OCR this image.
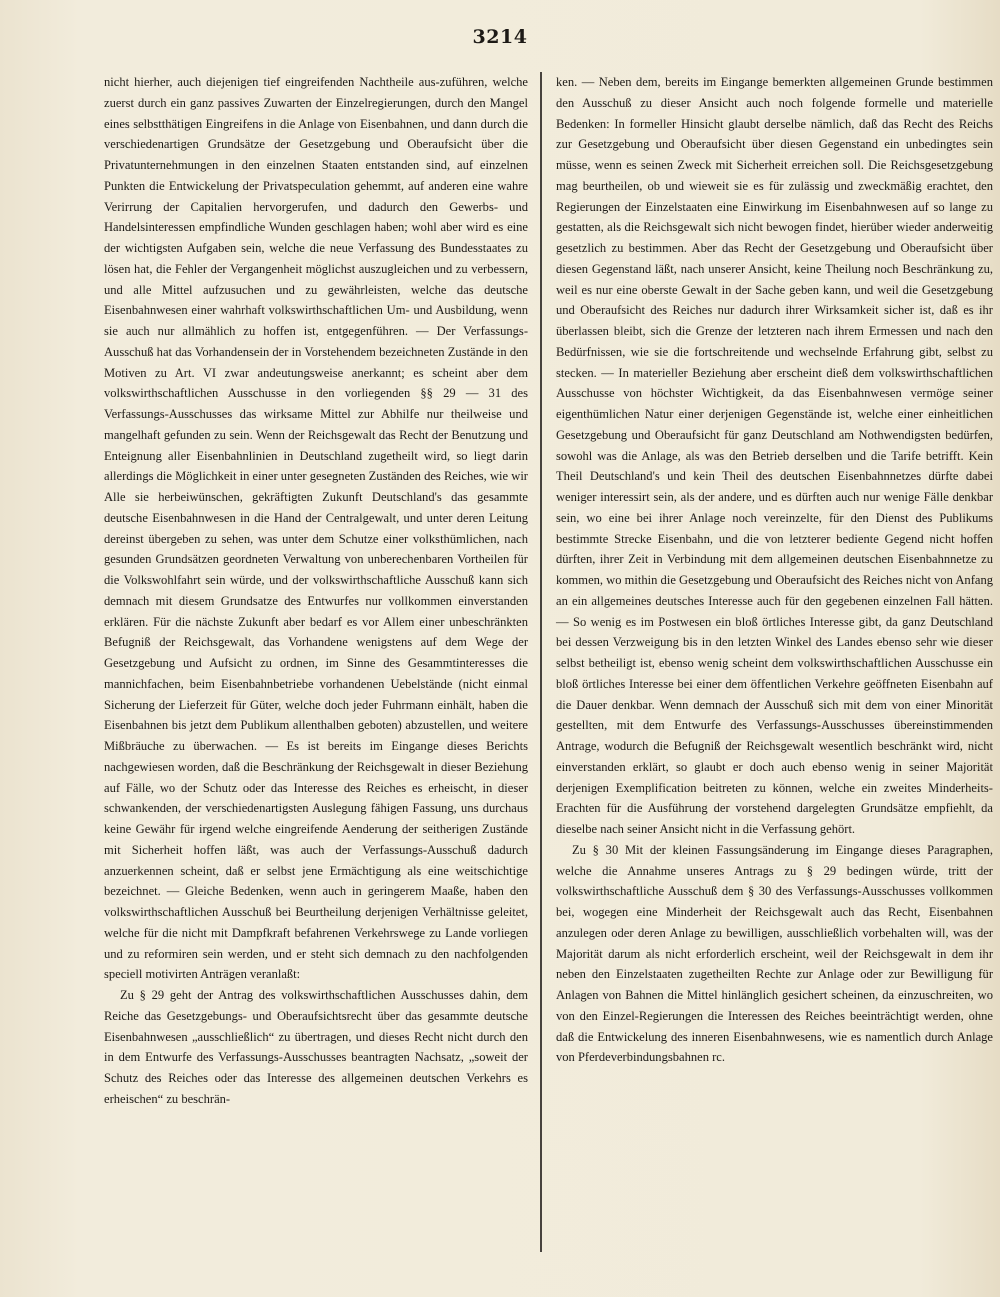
3214

nicht hierher, auch diejenigen tief eingreifenden Nachtheile aus-zuführen, welche zuerst durch ein ganz passives Zuwarten der Einzelregierungen, durch den Mangel eines selbstthätigen Eingreifens in die Anlage von Eisenbahnen, und dann durch die verschiedenartigen Grundsätze der Gesetzgebung und Oberaufsicht über die Privatunternehmungen in den einzelnen Staaten entstanden sind, auf einzelnen Punkten die Entwickelung der Privatspeculation gehemmt, auf anderen eine wahre Verirrung der Capitalien hervorgerufen, und dadurch den Gewerbs- und Handelsinteressen empfindliche Wunden geschlagen haben; wohl aber wird es eine der wichtigsten Aufgaben sein, welche die neue Verfassung des Bundesstaates zu lösen hat, die Fehler der Vergangenheit möglichst auszugleichen und zu verbessern, und alle Mittel aufzusuchen und zu gewährleisten, welche das deutsche Eisenbahnwesen einer wahrhaft volkswirthschaftlichen Um- und Ausbildung, wenn sie auch nur allmählich zu hoffen ist, entgegenführen. — Der Verfassungs-Ausschuß hat das Vorhandensein der in Vorstehendem bezeichneten Zustände in den Motiven zu Art. VI zwar andeutungsweise anerkannt; es scheint aber dem volkswirthschaftlichen Ausschusse in den vorliegenden §§ 29 — 31 des Verfassungs-Ausschusses das wirksame Mittel zur Abhilfe nur theilweise und mangelhaft gefunden zu sein. Wenn der Reichsgewalt das Recht der Benutzung und Enteignung aller Eisenbahnlinien in Deutschland zugetheilt wird, so liegt darin allerdings die Möglichkeit in einer unter gesegneten Zuständen des Reiches, wie wir Alle sie herbeiwünschen, gekräftigten Zukunft Deutschland's das gesammte deutsche Eisenbahnwesen in die Hand der Centralgewalt, und unter deren Leitung dereinst übergeben zu sehen, was unter dem Schutze einer volksthümlichen, nach gesunden Grundsätzen geordneten Verwaltung von unberechenbaren Vortheilen für die Volkswohlfahrt sein würde, und der volkswirthschaftliche Ausschuß kann sich demnach mit diesem Grundsatze des Entwurfes nur vollkommen einverstanden erklären. Für die nächste Zukunft aber bedarf es vor Allem einer unbeschränkten Befugniß der Reichsgewalt, das Vorhandene wenigstens auf dem Wege der Gesetzgebung und Aufsicht zu ordnen, im Sinne des Gesammtinteresses die mannichfachen, beim Eisenbahnbetriebe vorhandenen Uebelstände (nicht einmal Sicherung der Lieferzeit für Güter, welche doch jeder Fuhrmann einhält, haben die Eisenbahnen bis jetzt dem Publikum allenthalben geboten) abzustellen, und weitere Mißbräuche zu überwachen. — Es ist bereits im Eingange dieses Berichts nachgewiesen worden, daß die Beschränkung der Reichsgewalt in dieser Beziehung auf Fälle, wo der Schutz oder das Interesse des Reiches es erheischt, in dieser schwankenden, der verschiedenartigsten Auslegung fähigen Fassung, uns durchaus keine Gewähr für irgend welche eingreifende Aenderung der seitherigen Zustände mit Sicherheit hoffen läßt, was auch der Verfassungs-Ausschuß dadurch anzuerkennen scheint, daß er selbst jene Ermächtigung als eine weitschichtige bezeichnet. — Gleiche Bedenken, wenn auch in geringerem Maaße, haben den volkswirthschaftlichen Ausschuß bei Beurtheilung derjenigen Verhältnisse geleitet, welche für die nicht mit Dampfkraft befahrenen Verkehrswege zu Lande vorliegen und zu reformiren sein werden, und er steht sich demnach zu den nachfolgenden speciell motivirten Anträgen veranlaßt:

Zu § 29 geht der Antrag des volkswirthschaftlichen Ausschusses dahin, dem Reiche das Gesetzgebungs- und Oberaufsichtsrecht über das gesammte deutsche Eisenbahnwesen „ausschließlich“ zu übertragen, und dieses Recht nicht durch den in dem Entwurfe des Verfassungs-Ausschusses beantragten Nachsatz, „soweit der Schutz des Reiches oder das Interesse des allgemeinen deutschen Verkehrs es erheischen“ zu beschrän-

ken. — Neben dem, bereits im Eingange bemerkten allgemeinen Grunde bestimmen den Ausschuß zu dieser Ansicht auch noch folgende formelle und materielle Bedenken: In formeller Hinsicht glaubt derselbe nämlich, daß das Recht des Reichs zur Gesetzgebung und Oberaufsicht über diesen Gegenstand ein unbedingtes sein müsse, wenn es seinen Zweck mit Sicherheit erreichen soll. Die Reichsgesetzgebung mag beurtheilen, ob und wieweit sie es für zulässig und zweckmäßig erachtet, den Regierungen der Einzelstaaten eine Einwirkung im Eisenbahnwesen auf so lange zu gestatten, als die Reichsgewalt sich nicht bewogen findet, hierüber wieder anderweitig gesetzlich zu bestimmen. Aber das Recht der Gesetzgebung und Oberaufsicht über diesen Gegenstand läßt, nach unserer Ansicht, keine Theilung noch Beschränkung zu, weil es nur eine oberste Gewalt in der Sache geben kann, und weil die Gesetzgebung und Oberaufsicht des Reiches nur dadurch ihrer Wirksamkeit sicher ist, daß es ihr überlassen bleibt, sich die Grenze der letzteren nach ihrem Ermessen und nach den Bedürfnissen, wie sie die fortschreitende und wechselnde Erfahrung gibt, selbst zu stecken. — In materieller Beziehung aber erscheint dieß dem volkswirthschaftlichen Ausschusse von höchster Wichtigkeit, da das Eisenbahnwesen vermöge seiner eigenthümlichen Natur einer derjenigen Gegenstände ist, welche einer einheitlichen Gesetzgebung und Oberaufsicht für ganz Deutschland am Nothwendigsten bedürfen, sowohl was die Anlage, als was den Betrieb derselben und die Tarife betrifft. Kein Theil Deutschland's und kein Theil des deutschen Eisenbahnnetzes dürfte dabei weniger interessirt sein, als der andere, und es dürften auch nur wenige Fälle denkbar sein, wo eine bei ihrer Anlage noch vereinzelte, für den Dienst des Publikums bestimmte Strecke Eisenbahn, und die von letzterer bediente Gegend nicht hoffen dürften, ihrer Zeit in Verbindung mit dem allgemeinen deutschen Eisenbahnnetze zu kommen, wo mithin die Gesetzgebung und Oberaufsicht des Reiches nicht von Anfang an ein allgemeines deutsches Interesse auch für den gegebenen einzelnen Fall hätten. — So wenig es im Postwesen ein bloß örtliches Interesse gibt, da ganz Deutschland bei dessen Verzweigung bis in den letzten Winkel des Landes ebenso sehr wie dieser selbst betheiligt ist, ebenso wenig scheint dem volkswirthschaftlichen Ausschusse ein bloß örtliches Interesse bei einer dem öffentlichen Verkehre geöffneten Eisenbahn auf die Dauer denkbar. Wenn demnach der Ausschuß sich mit dem von einer Minorität gestellten, mit dem Entwurfe des Verfassungs-Ausschusses übereinstimmenden Antrage, wodurch die Befugniß der Reichsgewalt wesentlich beschränkt wird, nicht einverstanden erklärt, so glaubt er doch auch ebenso wenig in seiner Majorität derjenigen Exemplification beitreten zu können, welche ein zweites Minderheits-Erachten für die Ausführung der vorstehend dargelegten Grundsätze empfiehlt, da dieselbe nach seiner Ansicht nicht in die Verfassung gehört.

Zu § 30 Mit der kleinen Fassungsänderung im Eingange dieses Paragraphen, welche die Annahme unseres Antrags zu § 29 bedingen würde, tritt der volkswirthschaftliche Ausschuß dem § 30 des Verfassungs-Ausschusses vollkommen bei, wogegen eine Minderheit der Reichsgewalt auch das Recht, Eisenbahnen anzulegen oder deren Anlage zu bewilligen, ausschließlich vorbehalten will, was der Majorität darum als nicht erforderlich erscheint, weil der Reichsgewalt in dem ihr neben den Einzelstaaten zugetheilten Rechte zur Anlage oder zur Bewilligung für Anlagen von Bahnen die Mittel hinlänglich gesichert scheinen, da einzuschreiten, wo von den Einzel-Regierungen die Interessen des Reiches beeinträchtigt werden, ohne daß die Entwickelung des inneren Eisenbahnwesens, wie es namentlich durch Anlage von Pferdeverbindungsbahnen rc.
